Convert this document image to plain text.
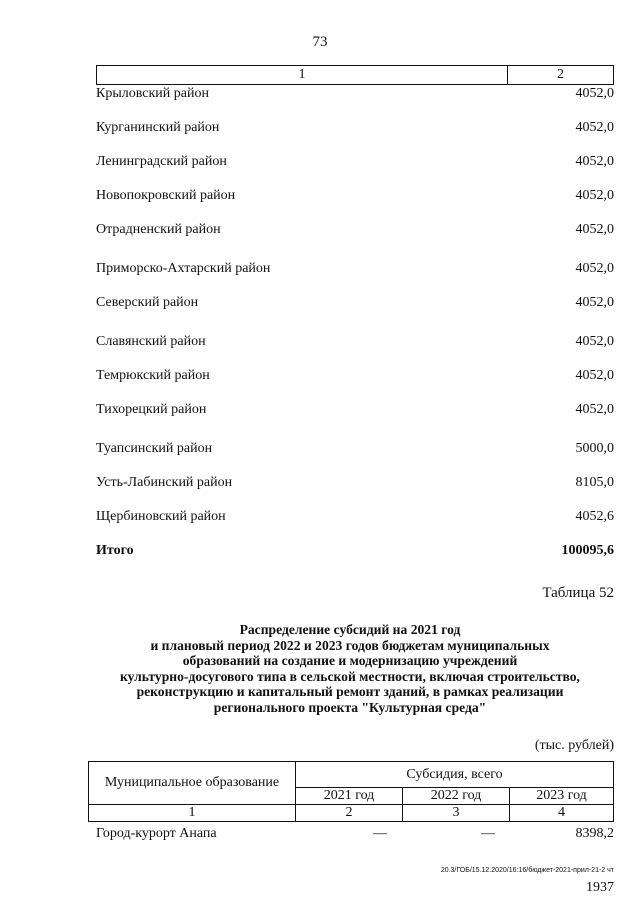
73
1	2
Крыловский район	4052,0
Курганинский район	4052,0
Ленинградский район	4052,0
Новопокровский район	4052,0
Отрадненский район	4052,0
Приморско-Ахтарский район	4052,0
Северский район	4052,0
Славянский район	4052,0
Темрюкский район	4052,0
Тихорецкий район	4052,0
Туапсинский район	5000,0
Усть-Лабинский район	8105,0
Щербиновский район	4052,6
Итого	100095,6
Таблица 52
Распределение субсидий на 2021 год
и плановый период 2022 и 2023 годов бюджетам муниципальных
образований на создание и модернизацию учреждений
культурно-досугового типа в сельской местности, включая строительство,
реконструкцию и капитальный ремонт зданий, в рамках реализации
регионального проекта "Культурная среда"
(тыс. рублей)
Муниципальное образование	Субсидия, всего		
	2021 год	2022 год	2023 год
1	2	3	4
Город-курорт Анапа	—	—	8398,2
20.3/ГОБ/15.12.2020/16:16/бюджет-2021-прил-21-2 чт
1937
